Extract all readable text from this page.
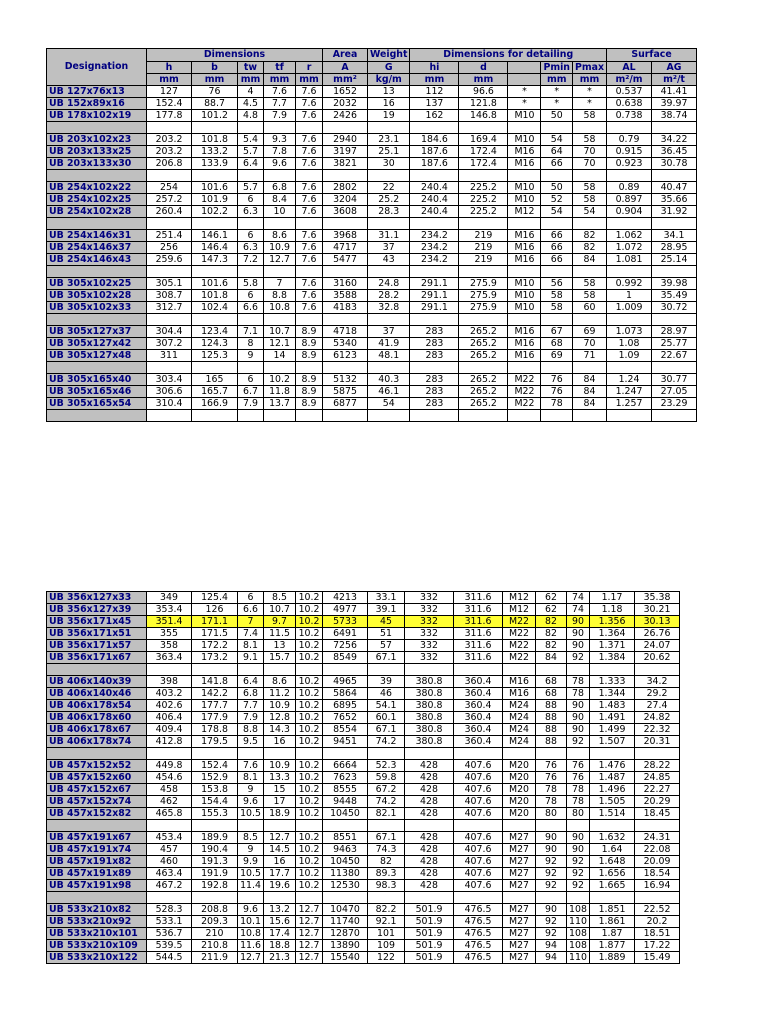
Designation	Dimensions					Area	Weight	Dimensions for detailing					Surface	
	h	b	tw	tf	r	A	G	hi	d		Pmin	Pmax	AL	AG
	mm	mm	mm	mm	mm	mm²	kg/m	mm	mm		mm	mm	m²/m	m²/t
UB 127x76x13	127	76	4	7.6	7.6	1652	13	112	96.6	*	*	*	0.537	41.41
UB 152x89x16	152.4	88.7	4.5	7.7	7.6	2032	16	137	121.8	*	*	*	0.638	39.97
UB 178x102x19	177.8	101.2	4.8	7.9	7.6	2426	19	162	146.8	M10	50	58	0.738	38.74

UB 203x102x23	203.2	101.8	5.4	9.3	7.6	2940	23.1	184.6	169.4	M10	54	58	0.79	34.22
UB 203x133x25	203.2	133.2	5.7	7.8	7.6	3197	25.1	187.6	172.4	M16	64	70	0.915	36.45
UB 203x133x30	206.8	133.9	6.4	9.6	7.6	3821	30	187.6	172.4	M16	66	70	0.923	30.78

UB 254x102x22	254	101.6	5.7	6.8	7.6	2802	22	240.4	225.2	M10	50	58	0.89	40.47
UB 254x102x25	257.2	101.9	6	8.4	7.6	3204	25.2	240.4	225.2	M10	52	58	0.897	35.66
UB 254x102x28	260.4	102.2	6.3	10	7.6	3608	28.3	240.4	225.2	M12	54	54	0.904	31.92

UB 254x146x31	251.4	146.1	6	8.6	7.6	3968	31.1	234.2	219	M16	66	82	1.062	34.1
UB 254x146x37	256	146.4	6.3	10.9	7.6	4717	37	234.2	219	M16	66	82	1.072	28.95
UB 254x146x43	259.6	147.3	7.2	12.7	7.6	5477	43	234.2	219	M16	66	84	1.081	25.14

UB 305x102x25	305.1	101.6	5.8	7	7.6	3160	24.8	291.1	275.9	M10	56	58	0.992	39.98
UB 305x102x28	308.7	101.8	6	8.8	7.6	3588	28.2	291.1	275.9	M10	58	58	1	35.49
UB 305x102x33	312.7	102.4	6.6	10.8	7.6	4183	32.8	291.1	275.9	M10	58	60	1.009	30.72

UB 305x127x37	304.4	123.4	7.1	10.7	8.9	4718	37	283	265.2	M16	67	69	1.073	28.97
UB 305x127x42	307.2	124.3	8	12.1	8.9	5340	41.9	283	265.2	M16	68	70	1.08	25.77
UB 305x127x48	311	125.3	9	14	8.9	6123	48.1	283	265.2	M16	69	71	1.09	22.67

UB 305x165x40	303.4	165	6	10.2	8.9	5132	40.3	283	265.2	M22	76	84	1.24	30.77
UB 305x165x46	306.6	165.7	6.7	11.8	8.9	5875	46.1	283	265.2	M22	76	84	1.247	27.05
UB 305x165x54	310.4	166.9	7.9	13.7	8.9	6877	54	283	265.2	M22	78	84	1.257	23.29

UB 356x127x33	349	125.4	6	8.5	10.2	4213	33.1	332	311.6	M12	62	74	1.17	35.38
UB 356x127x39	353.4	126	6.6	10.7	10.2	4977	39.1	332	311.6	M12	62	74	1.18	30.21
UB 356x171x45	351.4	171.1	7	9.7	10.2	5733	45	332	311.6	M22	82	90	1.356	30.13
UB 356x171x51	355	171.5	7.4	11.5	10.2	6491	51	332	311.6	M22	82	90	1.364	26.76
UB 356x171x57	358	172.2	8.1	13	10.2	7256	57	332	311.6	M22	82	90	1.371	24.07
UB 356x171x67	363.4	173.2	9.1	15.7	10.2	8549	67.1	332	311.6	M22	84	92	1.384	20.62

UB 406x140x39	398	141.8	6.4	8.6	10.2	4965	39	380.8	360.4	M16	68	78	1.333	34.2
UB 406x140x46	403.2	142.2	6.8	11.2	10.2	5864	46	380.8	360.4	M16	68	78	1.344	29.2
UB 406x178x54	402.6	177.7	7.7	10.9	10.2	6895	54.1	380.8	360.4	M24	88	90	1.483	27.4
UB 406x178x60	406.4	177.9	7.9	12.8	10.2	7652	60.1	380.8	360.4	M24	88	90	1.491	24.82
UB 406x178x67	409.4	178.8	8.8	14.3	10.2	8554	67.1	380.8	360.4	M24	88	90	1.499	22.32
UB 406x178x74	412.8	179.5	9.5	16	10.2	9451	74.2	380.8	360.4	M24	88	92	1.507	20.31

UB 457x152x52	449.8	152.4	7.6	10.9	10.2	6664	52.3	428	407.6	M20	76	76	1.476	28.22
UB 457x152x60	454.6	152.9	8.1	13.3	10.2	7623	59.8	428	407.6	M20	76	76	1.487	24.85
UB 457x152x67	458	153.8	9	15	10.2	8555	67.2	428	407.6	M20	78	78	1.496	22.27
UB 457x152x74	462	154.4	9.6	17	10.2	9448	74.2	428	407.6	M20	78	78	1.505	20.29
UB 457x152x82	465.8	155.3	10.5	18.9	10.2	10450	82.1	428	407.6	M20	80	80	1.514	18.45

UB 457x191x67	453.4	189.9	8.5	12.7	10.2	8551	67.1	428	407.6	M27	90	90	1.632	24.31
UB 457x191x74	457	190.4	9	14.5	10.2	9463	74.3	428	407.6	M27	90	90	1.64	22.08
UB 457x191x82	460	191.3	9.9	16	10.2	10450	82	428	407.6	M27	92	92	1.648	20.09
UB 457x191x89	463.4	191.9	10.5	17.7	10.2	11380	89.3	428	407.6	M27	92	92	1.656	18.54
UB 457x191x98	467.2	192.8	11.4	19.6	10.2	12530	98.3	428	407.6	M27	92	92	1.665	16.94

UB 533x210x82	528.3	208.8	9.6	13.2	12.7	10470	82.2	501.9	476.5	M27	90	108	1.851	22.52
UB 533x210x92	533.1	209.3	10.1	15.6	12.7	11740	92.1	501.9	476.5	M27	92	110	1.861	20.2
UB 533x210x101	536.7	210	10.8	17.4	12.7	12870	101	501.9	476.5	M27	92	108	1.87	18.51
UB 533x210x109	539.5	210.8	11.6	18.8	12.7	13890	109	501.9	476.5	M27	94	108	1.877	17.22
UB 533x210x122	544.5	211.9	12.7	21.3	12.7	15540	122	501.9	476.5	M27	94	110	1.889	15.49
